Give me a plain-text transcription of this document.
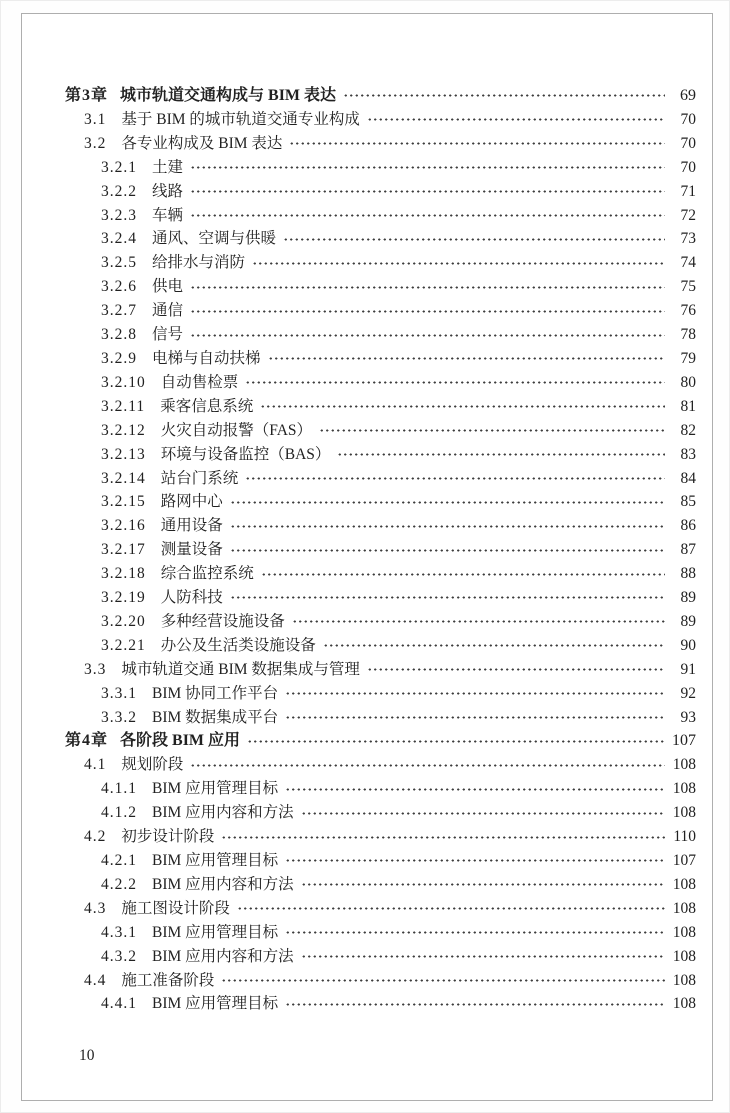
第3章 城市轨道交通构成与 BIM 表达	69
3.1 基于 BIM 的城市轨道交通专业构成	70
3.2 各专业构成及 BIM 表达	70
3.2.1 土建	70
3.2.2 线路	71
3.2.3 车辆	72
3.2.4 通风、空调与供暖	73
3.2.5 给排水与消防	74
3.2.6 供电	75
3.2.7 通信	76
3.2.8 信号	78
3.2.9 电梯与自动扶梯	79
3.2.10 自动售检票	80
3.2.11 乘客信息系统	81
3.2.12 火灾自动报警（FAS）	82
3.2.13 环境与设备监控（BAS）	83
3.2.14 站台门系统	84
3.2.15 路网中心	85
3.2.16 通用设备	86
3.2.17 测量设备	87
3.2.18 综合监控系统	88
3.2.19 人防科技	89
3.2.20 多种经营设施设备	89
3.2.21 办公及生活类设施设备	90
3.3 城市轨道交通 BIM 数据集成与管理	91
3.3.1 BIM 协同工作平台	92
3.3.2 BIM 数据集成平台	93
第4章 各阶段 BIM 应用	107
4.1 规划阶段	108
4.1.1 BIM 应用管理目标	108
4.1.2 BIM 应用内容和方法	108
4.2 初步设计阶段	110
4.2.1 BIM 应用管理目标	107
4.2.2 BIM 应用内容和方法	108
4.3 施工图设计阶段	108
4.3.1 BIM 应用管理目标	108
4.3.2 BIM 应用内容和方法	108
4.4 施工准备阶段	108
4.4.1 BIM 应用管理目标	108
10
